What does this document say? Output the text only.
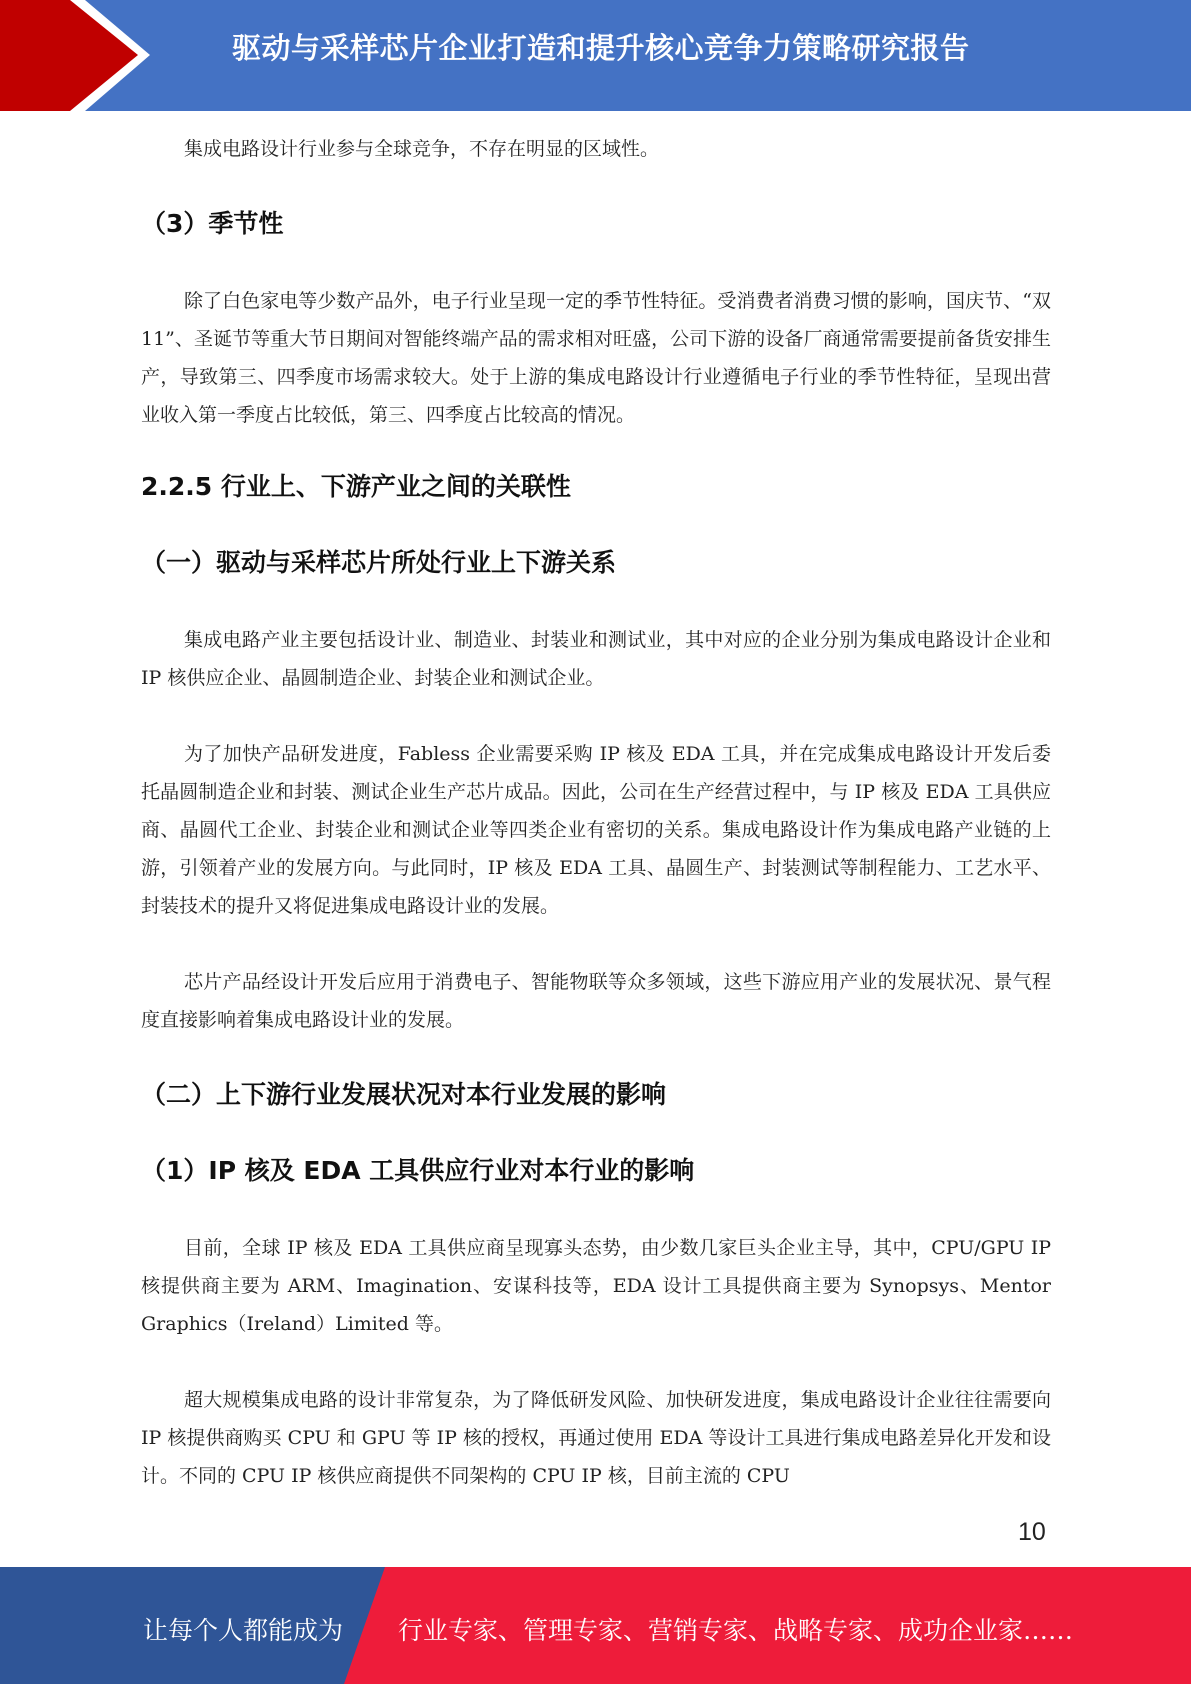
驱动与采样芯片企业打造和提升核心竞争力策略研究报告

集成电路设计行业参与全球竞争，不存在明显的区域性。

（3）季节性

除了白色家电等少数产品外，电子行业呈现一定的季节性特征。受消费者消费习惯的影响，国庆节、“双 11”、圣诞节等重大节日期间对智能终端产品的需求相对旺盛，公司下游的设备厂商通常需要提前备货安排生产，导致第三、四季度市场需求较大。处于上游的集成电路设计行业遵循电子行业的季节性特征，呈现出营业收入第一季度占比较低，第三、四季度占比较高的情况。

2.2.5 行业上、下游产业之间的关联性
（一）驱动与采样芯片所处行业上下游关系

集成电路产业主要包括设计业、制造业、封装业和测试业，其中对应的企业分别为集成电路设计企业和 IP 核供应企业、晶圆制造企业、封装企业和测试企业。

为了加快产品研发进度，Fabless 企业需要采购 IP 核及 EDA 工具，并在完成集成电路设计开发后委托晶圆制造企业和封装、测试企业生产芯片成品。因此，公司在生产经营过程中，与 IP 核及 EDA 工具供应商、晶圆代工企业、封装企业和测试企业等四类企业有密切的关系。集成电路设计作为集成电路产业链的上游，引领着产业的发展方向。与此同时，IP 核及 EDA 工具、晶圆生产、封装测试等制程能力、工艺水平、封装技术的提升又将促进集成电路设计业的发展。

芯片产品经设计开发后应用于消费电子、智能物联等众多领域，这些下游应用产业的发展状况、景气程度直接影响着集成电路设计业的发展。

（二）上下游行业发展状况对本行业发展的影响
（1）IP 核及 EDA 工具供应行业对本行业的影响

目前，全球 IP 核及 EDA 工具供应商呈现寡头态势，由少数几家巨头企业主导，其中，CPU/GPU IP 核提供商主要为 ARM、Imagination、安谋科技等，EDA 设计工具提供商主要为 Synopsys、Mentor Graphics（Ireland）Limited 等。

超大规模集成电路的设计非常复杂，为了降低研发风险、加快研发进度，集成电路设计企业往往需要向 IP 核提供商购买 CPU 和 GPU 等 IP 核的授权，再通过使用 EDA 等设计工具进行集成电路差异化开发和设计。不同的 CPU IP 核供应商提供不同架构的 CPU IP 核，目前主流的 CPU

10
让每个人都能成为 行业专家、管理专家、营销专家、战略专家、成功企业家……
